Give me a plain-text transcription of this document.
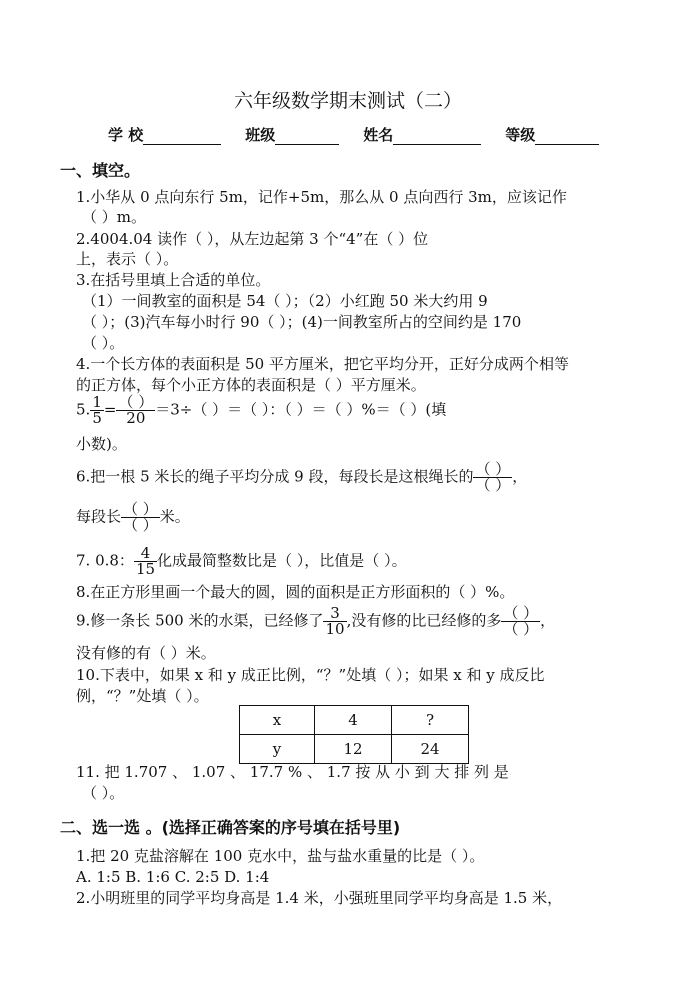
六年级数学期末测试（二）
学 校	班级	姓名	等级
一、填空。
1.小华从 0 点向东行 5m，记作+5m，那么从 0 点向西行 3m，应该记作
（ ）m。
2.4004.04 读作（ ），从左边起第 3 个“4”在（ ）位
上，表示（ ）。
3.在括号里填上合适的单位。
（1）一间教室的面积是 54（ ）；（2）小红跑 50 米大约用 9
（ ）；(3)汽车每小时行 90（ ）；(4)一间教室所占的空间约是 170
（ ）。
4.一个长方体的表面积是 50 平方厘米，把它平均分开，正好分成两个相等
的正方体，每个小正方体的表面积是（ ）平方厘米。
5. $\frac{1}{5} = \frac{( )}{20} =3\div$（ ）＝（ ）：（ ）＝（ ）%＝（ ）(填
小数)。
6.把一根 5 米长的绳子平均分成 9 段，每段长是这根绳长的 $\frac{( )}{( )}$ ，
每段长 $\frac{( )}{( )}$ 米。
7. 0.8： $\frac{4}{15}$ 化成最简整数比是（ ），比值是（ ）。
8.在正方形里画一个最大的圆，圆的面积是正方形面积的（ ）%。
9.修一条长 500 米的水渠，已经修了 $\frac{3}{10}$ ,没有修的比已经修的多 $\frac{( )}{( )}$ ，
没有修的有（ ）米。
10.下表中，如果 x 和 y 成正比例，“？”处填（ ）；如果 x 和 y 成反比
例，“？”处填（ ）。
x	4	?
y	12	24
11. 把 1.707 、 1.07 、 17.7 % 、 1.7 按 从 小 到 大 排 列 是
（ ）。
二、选一选 。(选择正确答案的序号填在括号里)
1.把 20 克盐溶解在 100 克水中，盐与盐水重量的比是（ ）。
A. 1:5 B. 1:6 C. 2:5 D. 1:4
2.小明班里的同学平均身高是 1.4 米，小强班里同学平均身高是 1.5 米，
